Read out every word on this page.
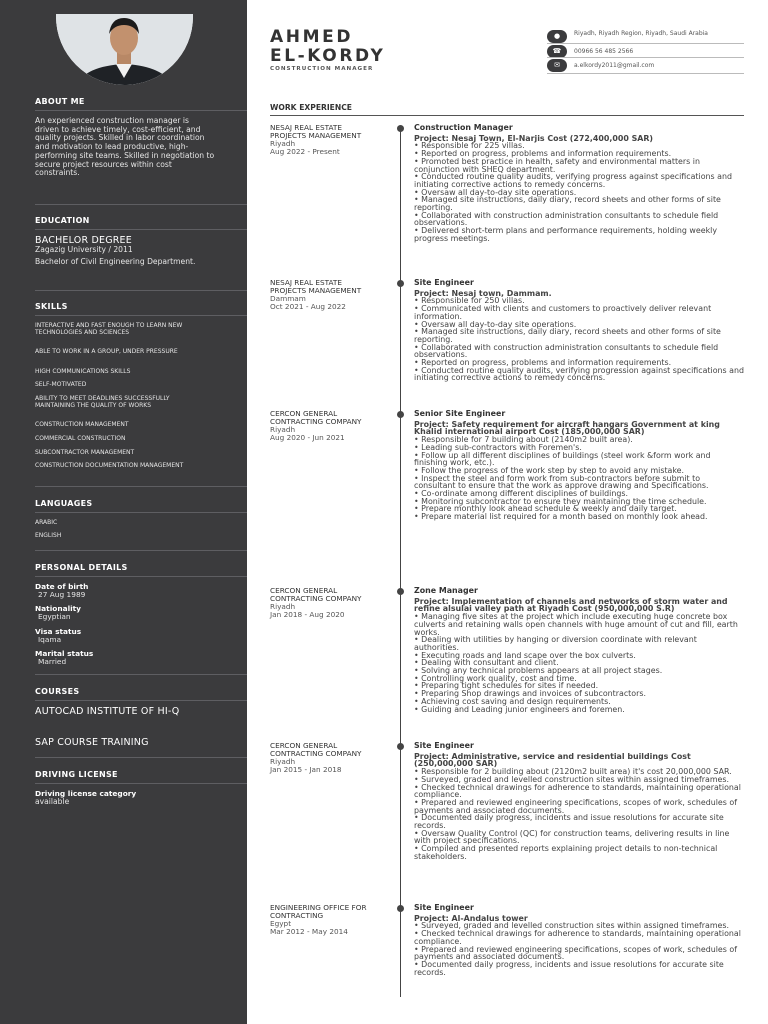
ABOUT ME
An experienced construction manager is driven to achieve timely, cost-efficient, and quality projects. Skilled in labor coordination and motivation to lead productive, high-performing site teams. Skilled in negotiation to secure project resources within cost constraints.
EDUCATION
BACHELOR DEGREE
Zagazig University / 2011
Bachelor of Civil Engineering Department.
SKILLS
INTERACTIVE AND FAST ENOUGH TO LEARN NEW TECHNOLOGIES AND SCIENCES
ABLE TO WORK IN A GROUP, UNDER PRESSURE
HIGH COMMUNICATIONS SKILLS
SELF-MOTIVATED
ABILITY TO MEET DEADLINES SUCCESSFULLY MAINTAINING THE QUALITY OF WORKS
CONSTRUCTION MANAGEMENT
COMMERCIAL CONSTRUCTION
SUBCONTRACTOR MANAGEMENT
CONSTRUCTION DOCUMENTATION MANAGEMENT
LANGUAGES
ARABIC
ENGLISH
PERSONAL DETAILS
Date of birth
27 Aug 1989
Nationality
Egyptian
Visa status
Iqama
Marital status
Married
COURSES
AUTOCAD INSTITUTE OF HI-Q
SAP COURSE TRAINING
DRIVING LICENSE
Driving license category
available
AHMED
EL-KORDY
CONSTRUCTION MANAGER
●	Riyadh, Riyadh Region, Riyadh, Saudi Arabia
☎	00966 56 485 2566
✉	a.elkordy2011@gmail.com
WORK EXPERIENCE
NESAJ REAL ESTATE PROJECTS MANAGEMENT
Riyadh
Aug 2022 - Present
Construction Manager
Project: Nesaj Town, El-Narjis Cost (272,400,000 SAR)
• Responsible for 225 villas.
• Reported on progress, problems and information requirements.
• Promoted best practice in health, safety and environmental matters in conjunction with SHEQ department.
• Conducted routine quality audits, verifying progress against specifications and initiating corrective actions to remedy concerns.
• Oversaw all day-to-day site operations.
• Managed site instructions, daily diary, record sheets and other forms of site reporting.
• Collaborated with construction administration consultants to schedule field observations.
• Delivered short-term plans and performance requirements, holding weekly progress meetings.
NESAJ REAL ESTATE PROJECTS MANAGEMENT
Dammam
Oct 2021 - Aug 2022
Site Engineer
Project: Nesaj town, Dammam.
• Responsible for 250 villas.
• Communicated with clients and customers to proactively deliver relevant information.
• Oversaw all day-to-day site operations.
• Managed site instructions, daily diary, record sheets and other forms of site reporting.
• Collaborated with construction administration consultants to schedule field observations.
• Reported on progress, problems and information requirements.
• Conducted routine quality audits, verifying progression against specifications and initiating corrective actions to remedy concerns.
CERCON GENERAL CONTRACTING COMPANY
Riyadh
Aug 2020 - Jun 2021
Senior Site Engineer
Project: Safety requirement for aircraft hangars Government at king Khalid international airport Cost (185,000,000 SAR)
• Responsible for 7 building about (2140m2 built area).
• Leading sub-contractors with Foremen's.
• Follow up all different disciplines of buildings (steel work &form work and finishing work, etc.).
• Follow the progress of the work step by step to avoid any mistake.
• Inspect the steel and form work from sub-contractors before submit to consultant to ensure that the work as approve drawing and Specifications.
• Co-ordinate among different disciplines of buildings.
• Monitoring subcontractor to ensure they maintaining the time schedule.
• Prepare monthly look ahead schedule & weekly and daily target.
• Prepare material list required for a month based on monthly look ahead.
CERCON GENERAL CONTRACTING COMPANY
Riyadh
Jan 2018 - Aug 2020
Zone Manager
Project: Implementation of channels and networks of storm water and refine alsulai valley path at Riyadh Cost (950,000,000 S.R)
• Managing five sites at the project which include executing huge concrete box culverts and retaining walls open channels with huge amount of cut and fill, earth works.
• Dealing with utilities by hanging or diversion coordinate with relevant authorities.
• Executing roads and land scape over the box culverts.
• Dealing with consultant and client.
• Solving any technical problems appears at all project stages.
• Controlling work quality, cost and time.
• Preparing tight schedules for sites if needed.
• Preparing Shop drawings and invoices of subcontractors.
• Achieving cost saving and design requirements.
• Guiding and Leading junior engineers and foremen.
CERCON GENERAL CONTRACTING COMPANY
Riyadh
Jan 2015 - Jan 2018
Site Engineer
Project: Administrative, service and residential buildings Cost (250,000,000 SAR)
• Responsible for 2 building about (2120m2 built area) it's cost 20,000,000 SAR.
• Surveyed, graded and levelled construction sites within assigned timeframes.
• Checked technical drawings for adherence to standards, maintaining operational compliance.
• Prepared and reviewed engineering specifications, scopes of work, schedules of payments and associated documents.
• Documented daily progress, incidents and issue resolutions for accurate site records.
• Oversaw Quality Control (QC) for construction teams, delivering results in line with project specifications.
• Compiled and presented reports explaining project details to non-technical stakeholders.
ENGINEERING OFFICE FOR CONTRACTING
Egypt
Mar 2012 - May 2014
Site Engineer
Project: Al-Andalus tower
• Surveyed, graded and levelled construction sites within assigned timeframes.
• Checked technical drawings for adherence to standards, maintaining operational compliance.
• Prepared and reviewed engineering specifications, scopes of work, schedules of payments and associated documents.
• Documented daily progress, incidents and issue resolutions for accurate site records.
